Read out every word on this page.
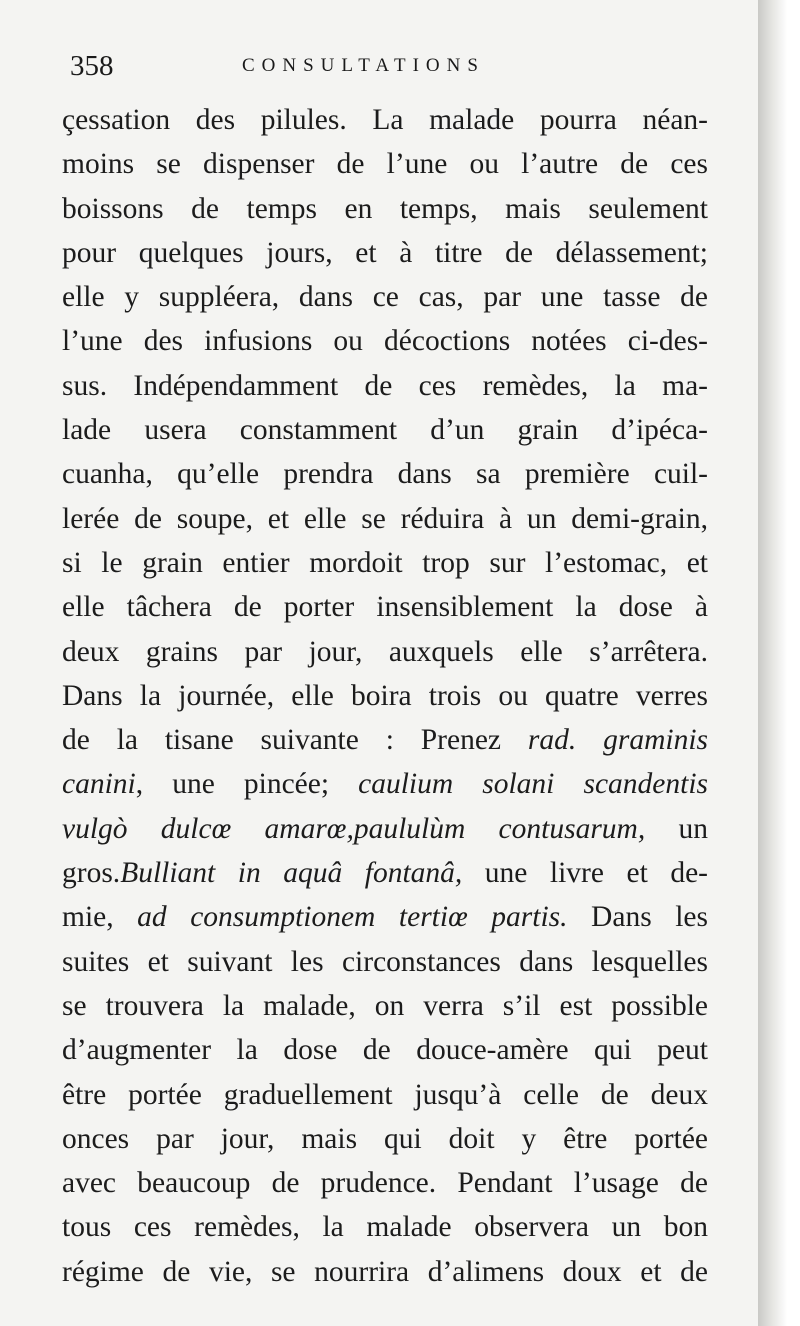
358	CONSULTATIONS
çessation des pilules. La malade pourra néan-
moins se dispenser de l’une ou l’autre de ces
boissons de temps en temps, mais seulement
pour quelques jours, et à titre de délassement;
elle y suppléera, dans ce cas, par une tasse de
l’une des infusions ou décoctions notées ci-des-
sus. Indépendamment de ces remèdes, la ma-
lade usera constamment d’un grain d’ipéca-
cuanha, qu’elle prendra dans sa première cuil-
lerée de soupe, et elle se réduira à un demi-grain,
si le grain entier mordoit trop sur l’estomac, et
elle tâchera de porter insensiblement la dose à
deux grains par jour, auxquels elle s’arrêtera.
Dans la journée, elle boira trois ou quatre verres
de la tisane suivante : Prenez rad. graminis
canini, une pincée; caulium solani scandentis
vulgò dulcœ amarœ,paululùm contusarum, un
gros.Bulliant in aquâ fontanâ, une livre et de-
mie, ad consumptionem tertiœ partis. Dans les
suites et suivant les circonstances dans lesquelles
se trouvera la malade, on verra s’il est possible
d’augmenter la dose de douce-amère qui peut
être portée graduellement jusqu’à celle de deux
onces par jour, mais qui doit y être portée
avec beaucoup de prudence. Pendant l’usage de
tous ces remèdes, la malade observera un bon
régime de vie, se nourrira d’alimens doux et de
